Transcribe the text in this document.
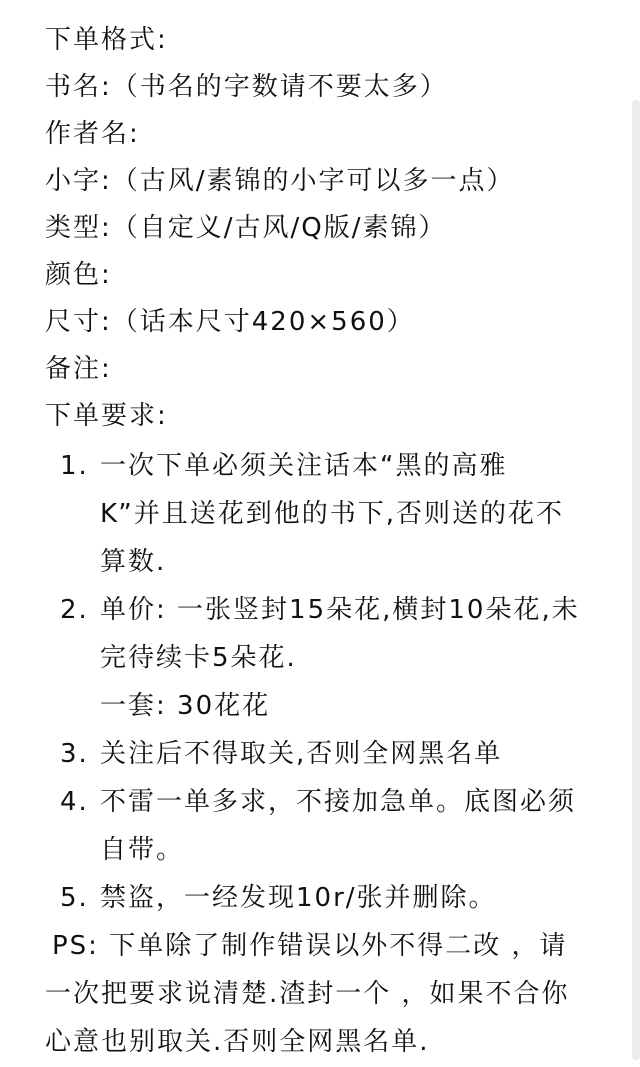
下单格式:
书名:（书名的字数请不要太多）
作者名:
小字:（古风/素锦的小字可以多一点）
类型:（自定义/古风/Q版/素锦）
颜色:
尺寸:（话本尺寸420×560）
备注:
下单要求:
1. 一次下单必须关注话本“黑的高雅
K”并且送花到他的书下,否则送的花不
算数.
2. 单价: 一张竖封15朵花,横封10朵花,未
完待续卡5朵花.
一套: 30花花
3. 关注后不得取关,否则全网黑名单
4. 不雷一单多求，不接加急单。底图必须
自带。
5. 禁盗，一经发现10r/张并删除。
PS: 下单除了制作错误以外不得二改 ，请
一次把要求说清楚.渣封一个 ，如果不合你
心意也别取关.否则全网黑名单.
